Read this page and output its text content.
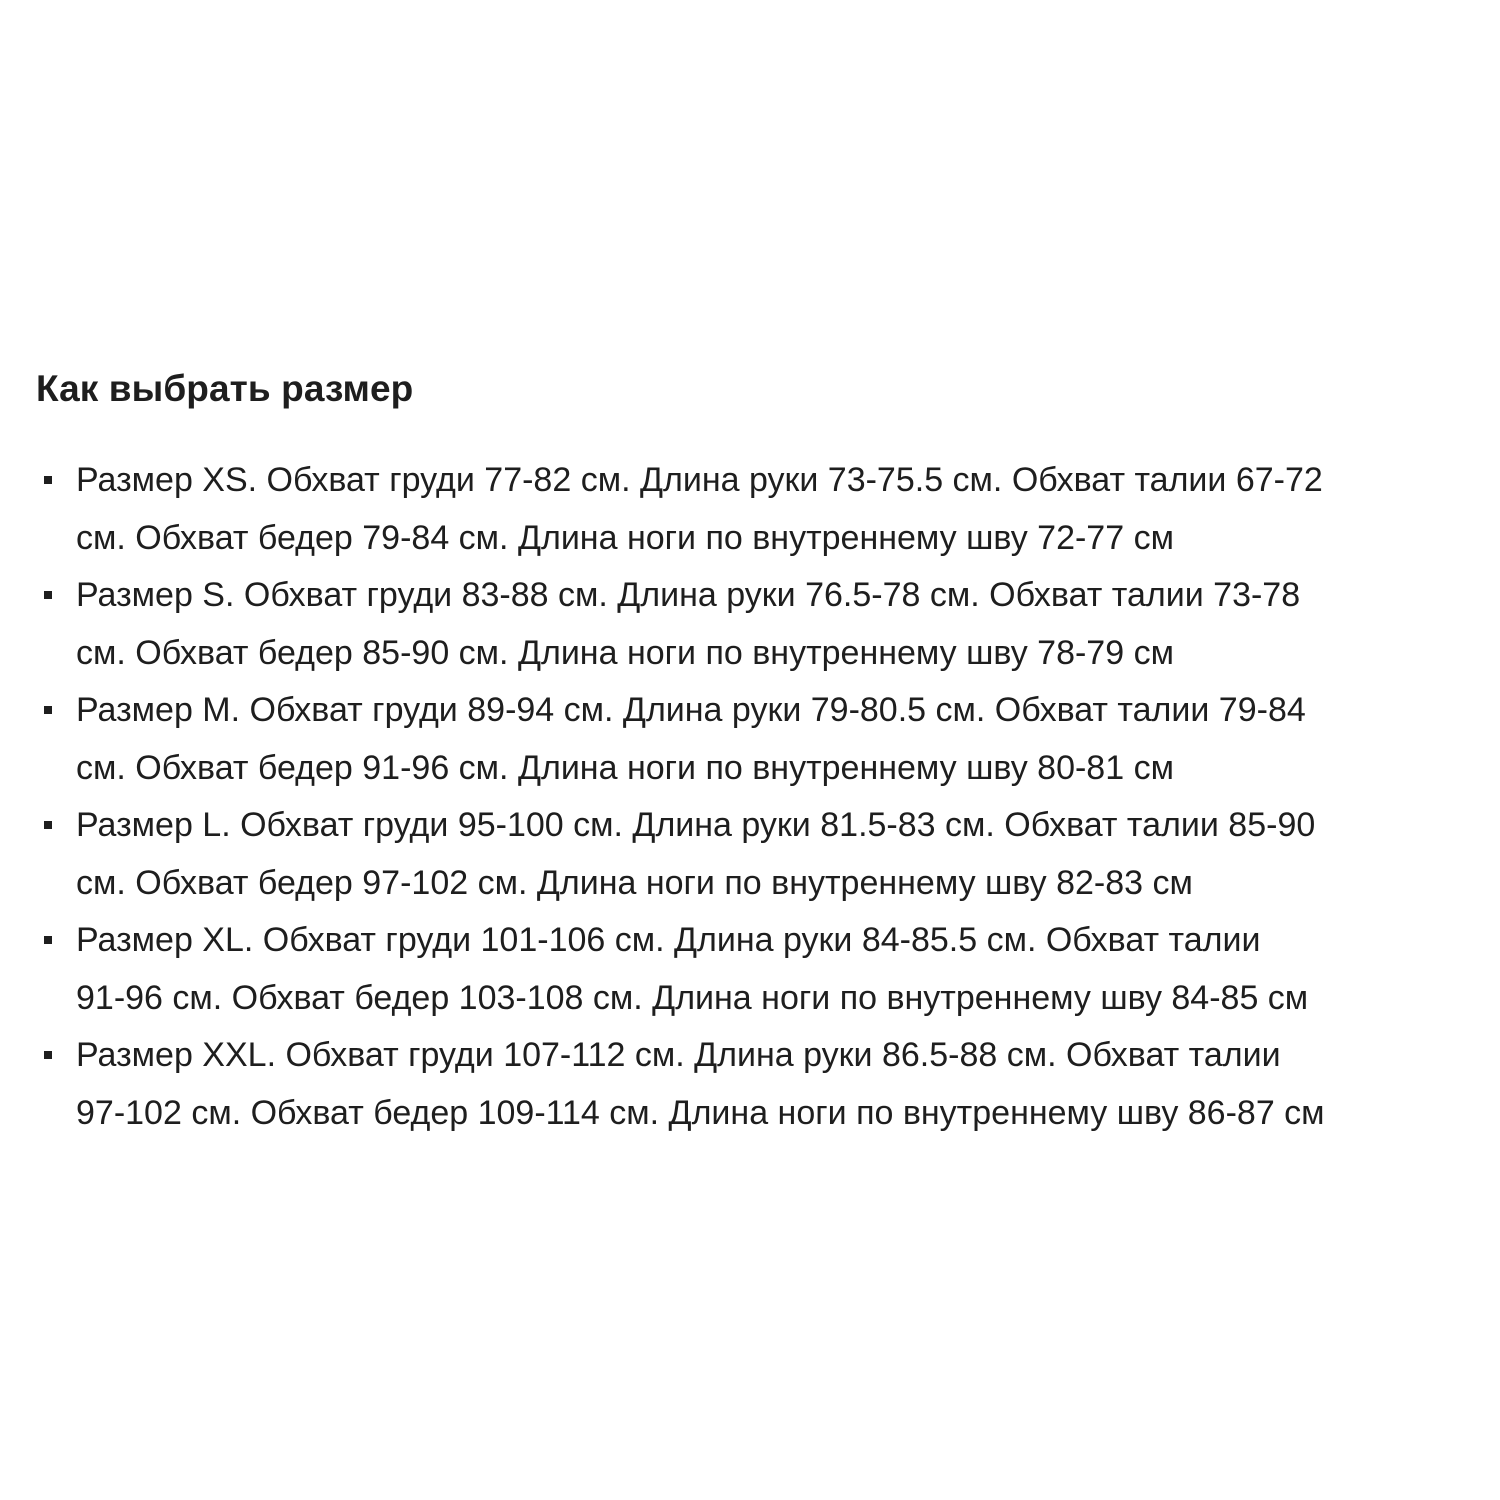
Как выбрать размер
Размер XS. Обхват груди 77-82 см. Длина руки 73-75.5 см. Обхват талии 67-72
см. Обхват бедер 79-84 см. Длина ноги по внутреннему шву 72-77 см
Размер S. Обхват груди 83-88 см. Длина руки 76.5-78 см. Обхват талии 73-78
см. Обхват бедер 85-90 см. Длина ноги по внутреннему шву 78-79 см
Размер M. Обхват груди 89-94 см. Длина руки 79-80.5 см. Обхват талии 79-84
см. Обхват бедер 91-96 см. Длина ноги по внутреннему шву 80-81 см
Размер L. Обхват груди 95-100 см. Длина руки 81.5-83 см. Обхват талии 85-90
см. Обхват бедер 97-102 см. Длина ноги по внутреннему шву 82-83 см
Размер XL. Обхват груди 101-106 см. Длина руки 84-85.5 см. Обхват талии
91-96 см. Обхват бедер 103-108 см. Длина ноги по внутреннему шву 84-85 см
Размер XXL. Обхват груди 107-112 см. Длина руки 86.5-88 см. Обхват талии
97-102 см. Обхват бедер 109-114 см. Длина ноги по внутреннему шву 86-87 см
